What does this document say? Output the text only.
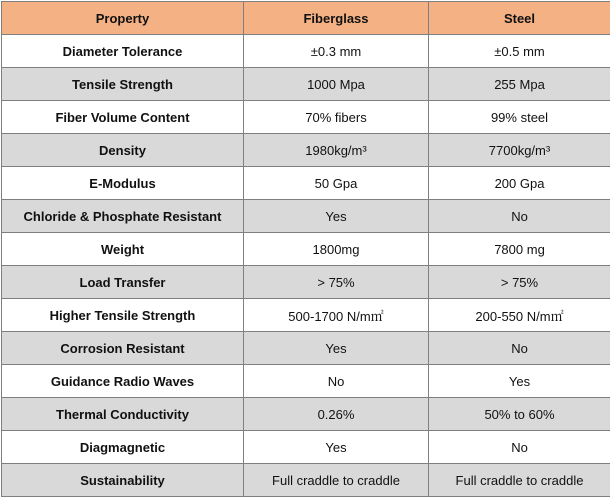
Property	Fiberglass	Steel
Diameter Tolerance	±0.3 mm	±0.5 mm
Tensile Strength	1000 Mpa	255 Mpa
Fiber Volume Content	70% fibers	99% steel
Density	1980kg/m³	7700kg/m³
E-Modulus	50 Gpa	200 Gpa
Chloride & Phosphate Resistant	Yes	No
Weight	1800mg	7800 mg
Load Transfer	> 75%	> 75%
Higher Tensile Strength	500-1700 N/m㎡	200-550 N/m㎡
Corrosion Resistant	Yes	No
Guidance Radio Waves	No	Yes
Thermal Conductivity	0.26%	50% to 60%
Diagmagnetic	Yes	No
Sustainability	Full craddle to craddle	Full craddle to craddle
